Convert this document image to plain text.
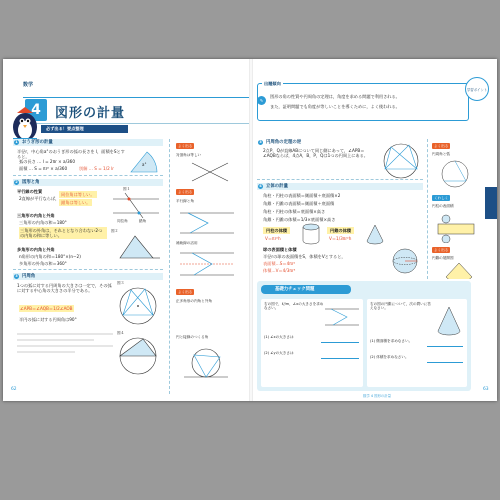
数学
4	図形の計量
必ず出る！要点整理
1 おうぎ形の計量
半径r，中心角a°のおうぎ形の弧の長さを l，面積をSとすると，
弧の長さ … l = 2πr × a/360
面積 … S = πr² × a/360	別解 … S = 1/2 lr
a°
2 図形と角
平行線の性質
2直線が平行ならば，
同位角は等しい。
錯角は等しい。
図１
同位角	錯角
三角形の内角と外角
三角形の内角の和＝180°
三角形の外角は，それととなり合わない2つの内角の和に等しい。
図２
多角形の内角と外角
n角形の内角の和＝180°×(n−2)
多角形の外角の和＝360°
3 円周角
1つの弧に対する円周角の大きさは一定で，その弧に対する中心角の大きさの半分である。
∠APB＝∠AQB＝1/2∠AOB
半円の弧に対する円周角は90°
図３
図４
よく出る
対頂角は等しい
よく出る
平行線と角
補助線の活用
よく出る
正多角形の内角と外角
円と接線のつくる角
62
出題傾向
✎
図形の角の性質や円周角の定理は，角度を求める問題で利用される。
また，証明問題でも角度が等しいことを導くために，よく使われる。
学習ポイント
3 円周角の定理の逆
2点P，Qが直線ABについて同じ側にあって，∠APB＝∠AQBならば，4点A，B，P，Qは1つの円周上にある。
4 立体の計量
角柱・円柱の表面積＝側面積＋底面積×2
角錐・円錐の表面積＝側面積＋底面積
角柱・円柱の体積＝底面積×高さ
角錐・円錐の体積＝1/3×底面積×高さ
円柱の体積	円錐の体積
V＝πr²h	V＝1/3πr²h
球の表面積と体積
半径rの球の表面積をS，体積をVとすると，
表面積…S＝4πr²
体積…V＝4/3πr³
基礎力チェック問題
右の図で，ℓ//m，∠xの大きさを求めなさい。
(1) ∠xの大きさは
(2) ∠yの大きさは
右の図の円錐について，次の問いに答えなさい。
(1) 側面積を求めなさい。
(2) 体積を求めなさい。
よく出る
円周角と弧
くわしく
円柱の表面積
よく出る
円錐の展開図
数学
数学 4 図形の計量
63
